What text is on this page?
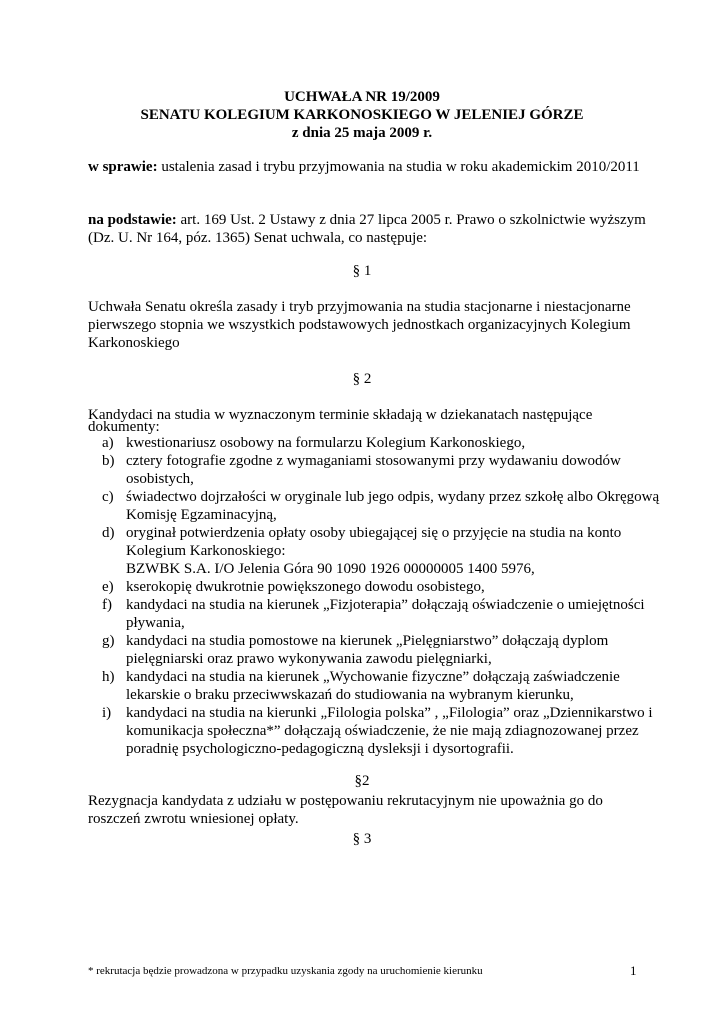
UCHWAŁA NR 19/2009
SENATU KOLEGIUM KARKONOSKIEGO W JELENIEJ GÓRZE
z dnia 25 maja 2009 r.
w sprawie: ustalenia zasad i trybu przyjmowania na studia w roku akademickim 2010/2011
na podstawie: art. 169 Ust. 2 Ustawy z dnia 27 lipca 2005 r. Prawo o szkolnictwie wyższym (Dz. U. Nr 164, póz. 1365) Senat uchwala, co następuje:
§ 1
Uchwała Senatu określa zasady i tryb przyjmowania na studia stacjonarne i niestacjonarne pierwszego stopnia we wszystkich podstawowych jednostkach organizacyjnych Kolegium Karkonoskiego
§ 2
Kandydaci na studia w wyznaczonym terminie składają w dziekanatach następujące
dokumenty:
a) kwestionariusz osobowy na formularzu Kolegium Karkonoskiego,
b) cztery fotografie zgodne z wymaganiami stosowanymi przy wydawaniu dowodów osobistych,
c) świadectwo dojrzałości w oryginale lub jego odpis, wydany przez szkołę albo Okręgową Komisję Egzaminacyjną,
d) oryginał potwierdzenia opłaty osoby ubiegającej się o przyjęcie na studia na konto Kolegium Karkonoskiego:
BZWBK S.A. I/O Jelenia Góra 90 1090 1926 00000005 1400 5976,
e) kserokopię dwukrotnie powiększonego dowodu osobistego,
f) kandydaci na studia na kierunek „Fizjoterapia” dołączają oświadczenie o umiejętności pływania,
g) kandydaci na studia pomostowe na kierunek „Pielęgniarstwo” dołączają dyplom pielęgniarski oraz prawo wykonywania zawodu pielęgniarki,
h) kandydaci na studia na kierunek „Wychowanie fizyczne” dołączają zaświadczenie lekarskie o braku przeciwwskazań do studiowania na wybranym kierunku,
i) kandydaci na studia na kierunki „Filologia polska” , „Filologia” oraz „Dziennikarstwo i komunikacja społeczna*” dołączają oświadczenie, że nie mają zdiagnozowanej przez poradnię psychologiczno-pedagogiczną dysleksji i dysortografii.
§2
Rezygnacja kandydata z udziału w postępowaniu rekrutacyjnym nie upoważnia go do roszczeń zwrotu wniesionej opłaty.
§ 3
* rekrutacja będzie prowadzona w przypadku uzyskania zgody na uruchomienie kierunku	1
